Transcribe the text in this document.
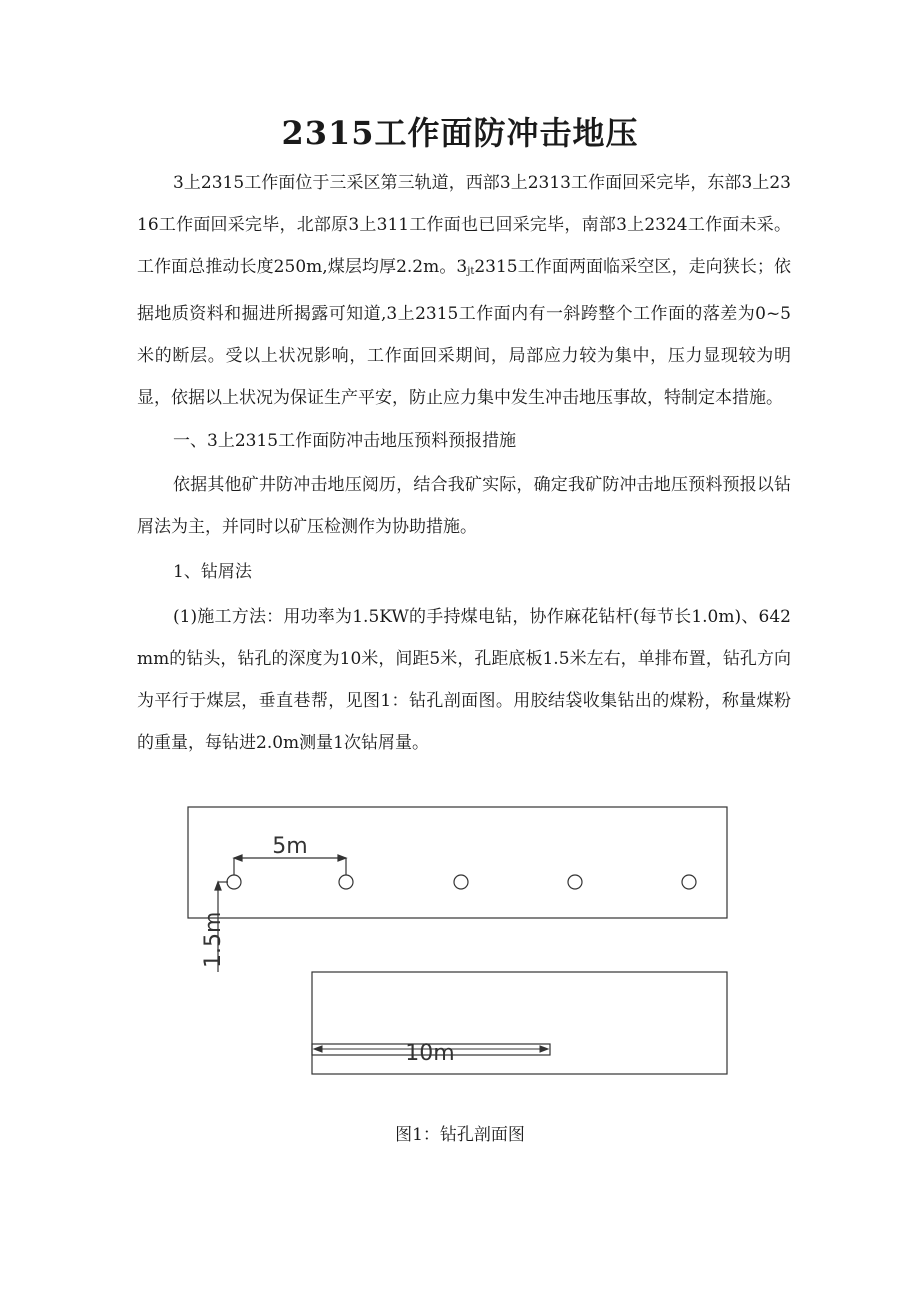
2315工作面防冲击地压

3上2315工作面位于三采区第三轨道，西部3上2313工作面回采完毕，东部3上2316工作面回采完毕，北部原3上311工作面也已回采完毕，南部3上2324工作面未采。工作面总推动长度250m,煤层均厚2.2m。$3_{jt}2315$工作面两面临采空区，走向狭长；依据地质资料和掘进所揭露可知道,3上2315工作面内有一斜跨整个工作面的落差为0~5米的断层。受以上状况影响，工作面回采期间，局部应力较为集中，压力显现较为明显，依据以上状况为保证生产平安，防止应力集中发生冲击地压事故，特制定本措施。

一、3上2315工作面防冲击地压预料预报措施

依据其他矿井防冲击地压阅历，结合我矿实际，确定我矿防冲击地压预料预报以钻屑法为主，并同时以矿压检测作为协助措施。

1、钻屑法

(1)施工方法：用功率为1.5KW的手持煤电钻，协作麻花钻杆(每节长1.0m)、642mm的钻头，钻孔的深度为10米，间距5米，孔距底板1.5米左右，单排布置，钻孔方向为平行于煤层，垂直巷帮，见图1：钻孔剖面图。用胶结袋收集钻出的煤粉，称量煤粉的重量，每钻进2.0m测量1次钻屑量。

5m
1.5m
10m

图1：钻孔剖面图
